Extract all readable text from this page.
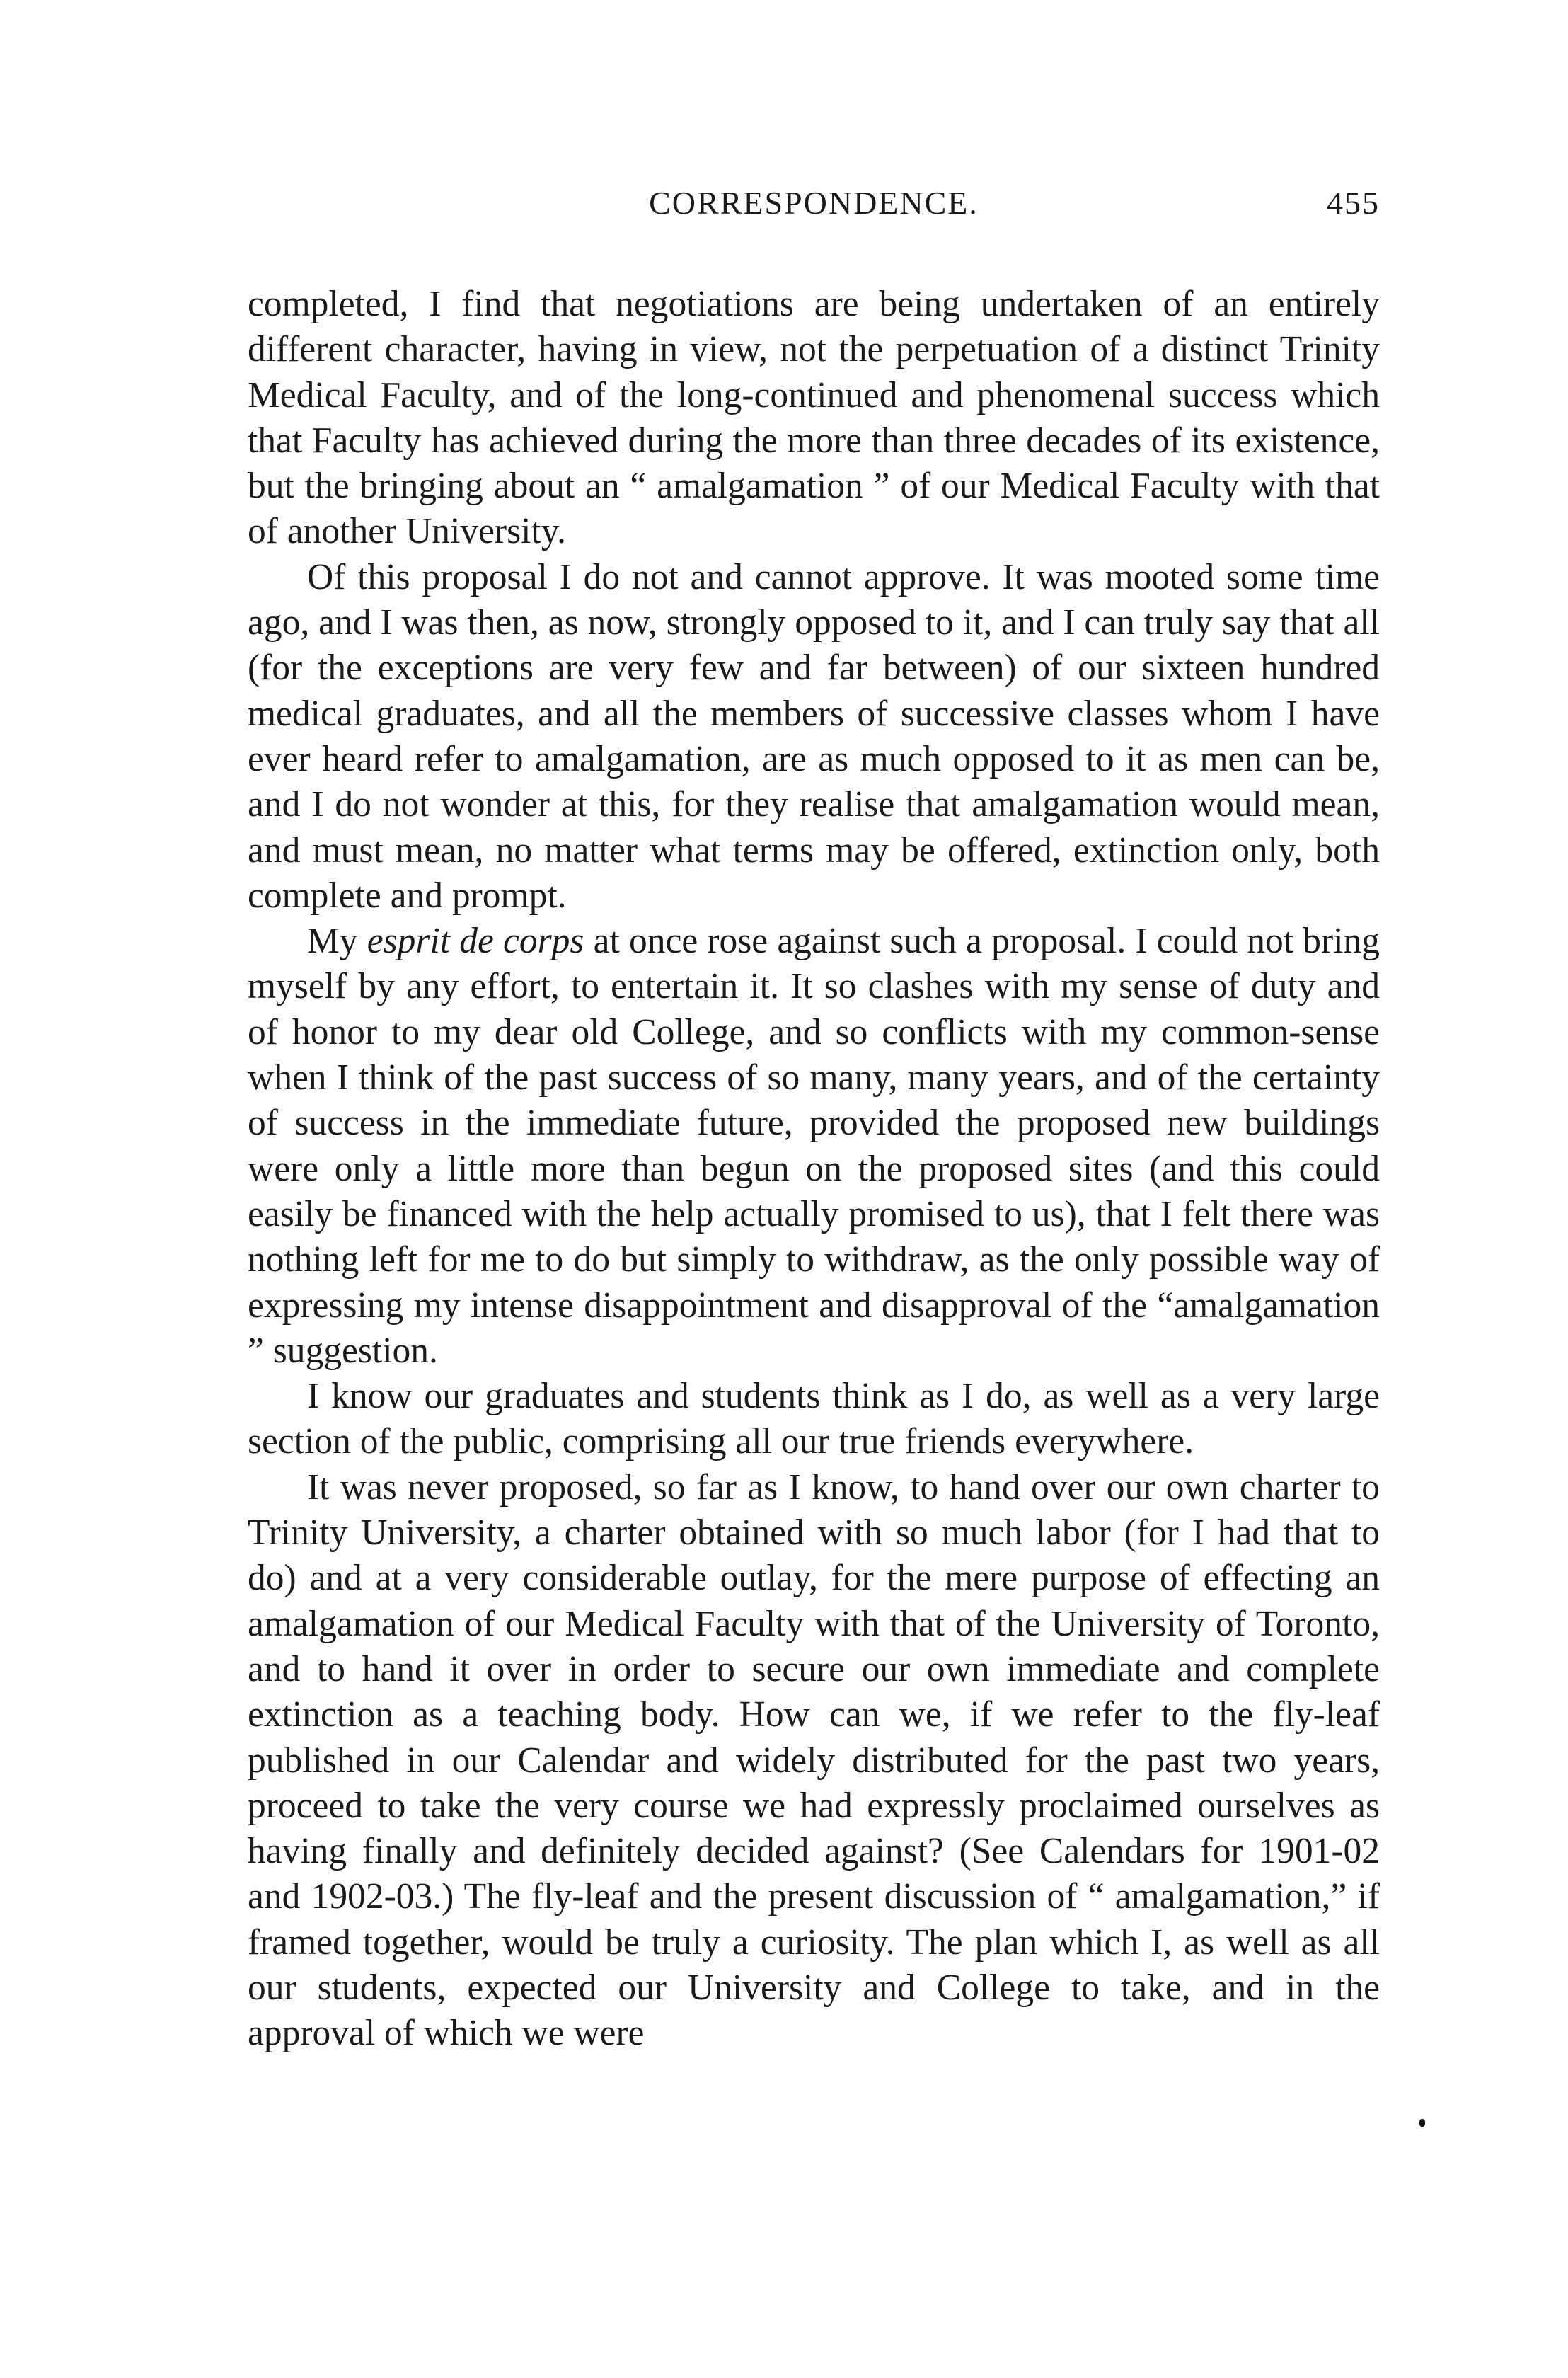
CORRESPONDENCE.	455

completed, I find that negotiations are being undertaken of an entirely different character, having in view, not the perpetuation of a distinct Trinity Medical Faculty, and of the long-continued and phenomenal success which that Faculty has achieved during the more than three decades of its existence, but the bringing about an “ amalgamation ” of our Medical Faculty with that of another University.

Of this proposal I do not and cannot approve. It was mooted some time ago, and I was then, as now, strongly opposed to it, and I can truly say that all (for the exceptions are very few and far between) of our sixteen hundred medical graduates, and all the members of successive classes whom I have ever heard refer to amalgamation, are as much opposed to it as men can be, and I do not wonder at this, for they realise that amalgamation would mean, and must mean, no matter what terms may be offered, extinction only, both complete and prompt.

My esprit de corps at once rose against such a proposal. I could not bring myself by any effort, to entertain it. It so clashes with my sense of duty and of honor to my dear old College, and so conflicts with my common-sense when I think of the past success of so many, many years, and of the certainty of success in the immediate future, provided the proposed new buildings were only a little more than begun on the proposed sites (and this could easily be financed with the help actually promised to us), that I felt there was nothing left for me to do but simply to withdraw, as the only possible way of expressing my intense disappointment and disapproval of the “amalgamation ” suggestion.

I know our graduates and students think as I do, as well as a very large section of the public, comprising all our true friends everywhere.

It was never proposed, so far as I know, to hand over our own charter to Trinity University, a charter obtained with so much labor (for I had that to do) and at a very considerable outlay, for the mere purpose of effecting an amalgamation of our Medical Faculty with that of the University of Toronto, and to hand it over in order to secure our own immediate and complete extinction as a teaching body. How can we, if we refer to the fly-leaf published in our Calendar and widely distributed for the past two years, proceed to take the very course we had expressly proclaimed ourselves as having finally and definitely decided against? (See Calendars for 1901-02 and 1902-03.) The fly-leaf and the present discussion of “ amalgamation,” if framed together, would be truly a curiosity. The plan which I, as well as all our students, expected our University and College to take, and in the approval of which we were
